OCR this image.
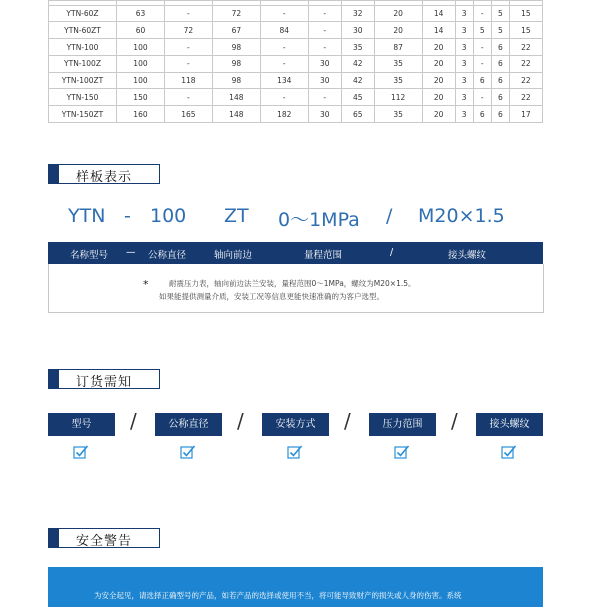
YTN-60Z	63	-	72	-	-	32	20	14	3	-	5	15
YTN-60ZT	60	72	67	84	-	30	20	14	3	5	5	15
YTN-100	100	-	98	-	-	35	87	20	3	-	6	22
YTN-100Z	100	-	98	-	30	42	35	20	3	-	6	22
YTN-100ZT	100	118	98	134	30	42	35	20	3	6	6	22
YTN-150	150	-	148	-	-	45	112	20	3	-	6	22
YTN-150ZT	160	165	148	182	30	65	35	20	3	6	6	17
样板表示
YTN - 100 ZT 0～1MPa / M20×1.5
名称型号 — 公称直径	轴向前边	量程范围	/	接头螺纹
*	耐震压力表，轴向前边法兰安装，量程范围0～1MPa，螺纹为M20×1.5。
如果能提供测量介质，安装工况等信息更能快速准确的为客户选型。
订货需知
型号	公称直径	安装方式	压力范围	接头螺纹
/	/	/	/
安全警告
为安全起见，请选择正确型号的产品，如若产品的选择或使用不当，将可能导致财产的损失或人身的伤害。系统
